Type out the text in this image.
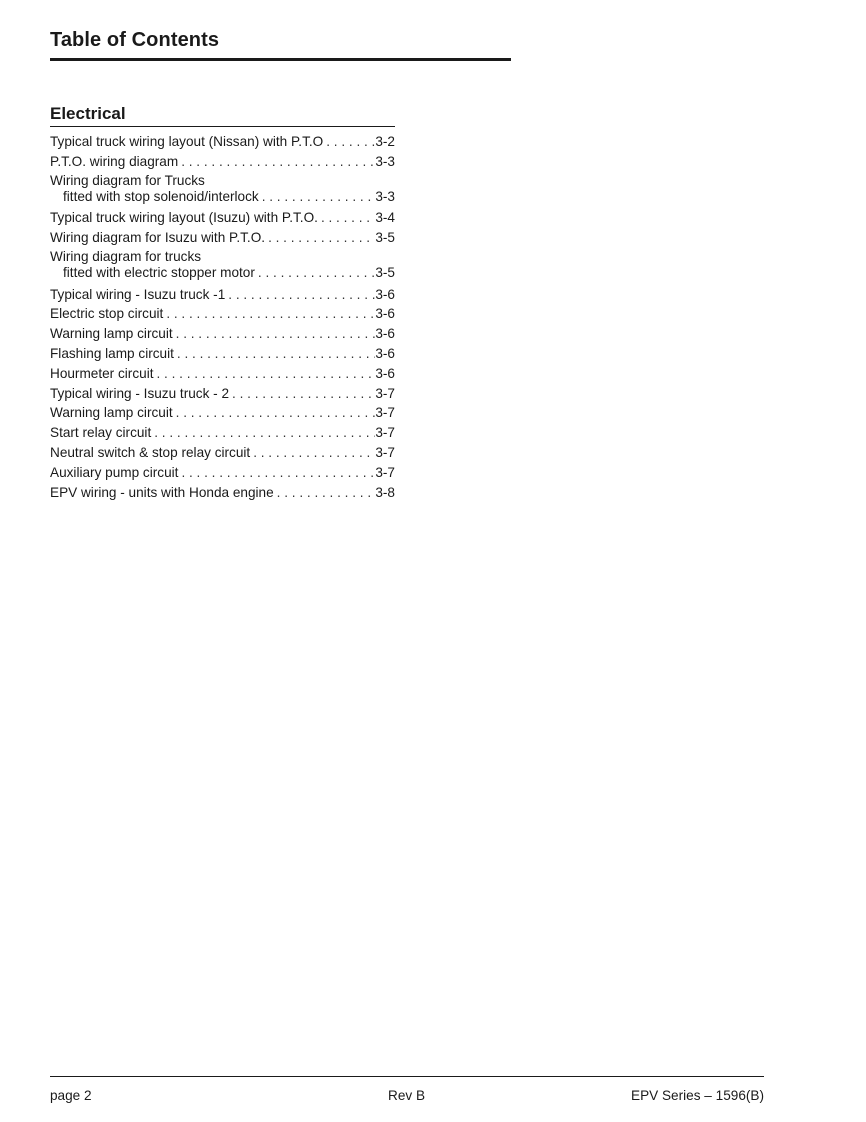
Table of Contents
Electrical
Typical truck wiring layout (Nissan) with P.T.O . . .	3-2
P.T.O. wiring diagram . . .	3-3
Wiring diagram for Trucks
fitted with stop solenoid/interlock . . .	3-3
Typical truck wiring layout (Isuzu) with P.T.O. . . .	3-4
Wiring diagram for Isuzu with P.T.O. . . .	3-5
Wiring diagram for trucks
fitted with electric stopper motor . . .	3-5
Typical wiring - Isuzu truck -1 . . .	3-6
Electric stop circuit . . .	3-6
Warning lamp circuit . . .	3-6
Flashing lamp circuit . . .	3-6
Hourmeter circuit . . .	3-6
Typical wiring - Isuzu truck - 2 . . .	3-7
Warning lamp circuit . . .	3-7
Start relay circuit . . .	3-7
Neutral switch & stop relay circuit . . .	3-7
Auxiliary pump circuit . . .	3-7
EPV wiring - units with Honda engine . . .	3-8
page 2	Rev B	EPV Series – 1596(B)
